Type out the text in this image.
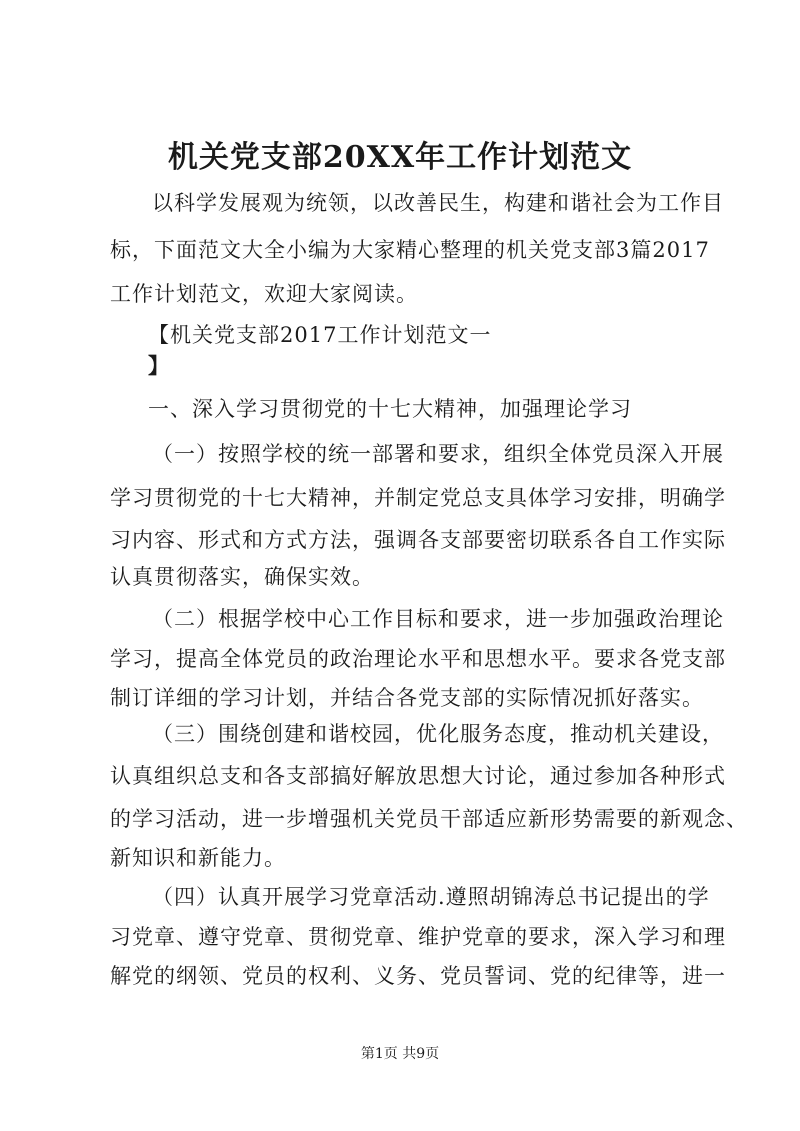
机关党支部20XX年工作计划范文
以科学发展观为统领，以改善民生，构建和谐社会为工作目
标，下面范文大全小编为大家精心整理的机关党支部3篇2017
工作计划范文，欢迎大家阅读。
【机关党支部2017工作计划范文一
】
一、深入学习贯彻党的十七大精神，加强理论学习
（一）按照学校的统一部署和要求，组织全体党员深入开展
学习贯彻党的十七大精神，并制定党总支具体学习安排，明确学
习内容、形式和方式方法，强调各支部要密切联系各自工作实际
认真贯彻落实，确保实效。
（二）根据学校中心工作目标和要求，进一步加强政治理论
学习，提高全体党员的政治理论水平和思想水平。要求各党支部
制订详细的学习计划，并结合各党支部的实际情况抓好落实。
（三）围绕创建和谐校园，优化服务态度，推动机关建设，
认真组织总支和各支部搞好解放思想大讨论，通过参加各种形式
的学习活动，进一步增强机关党员干部适应新形势需要的新观念、
新知识和新能力。
（四）认真开展学习党章活动.遵照胡锦涛总书记提出的学
习党章、遵守党章、贯彻党章、维护党章的要求，深入学习和理
解党的纲领、党员的权利、义务、党员誓词、党的纪律等，进一
第1页 共9页
